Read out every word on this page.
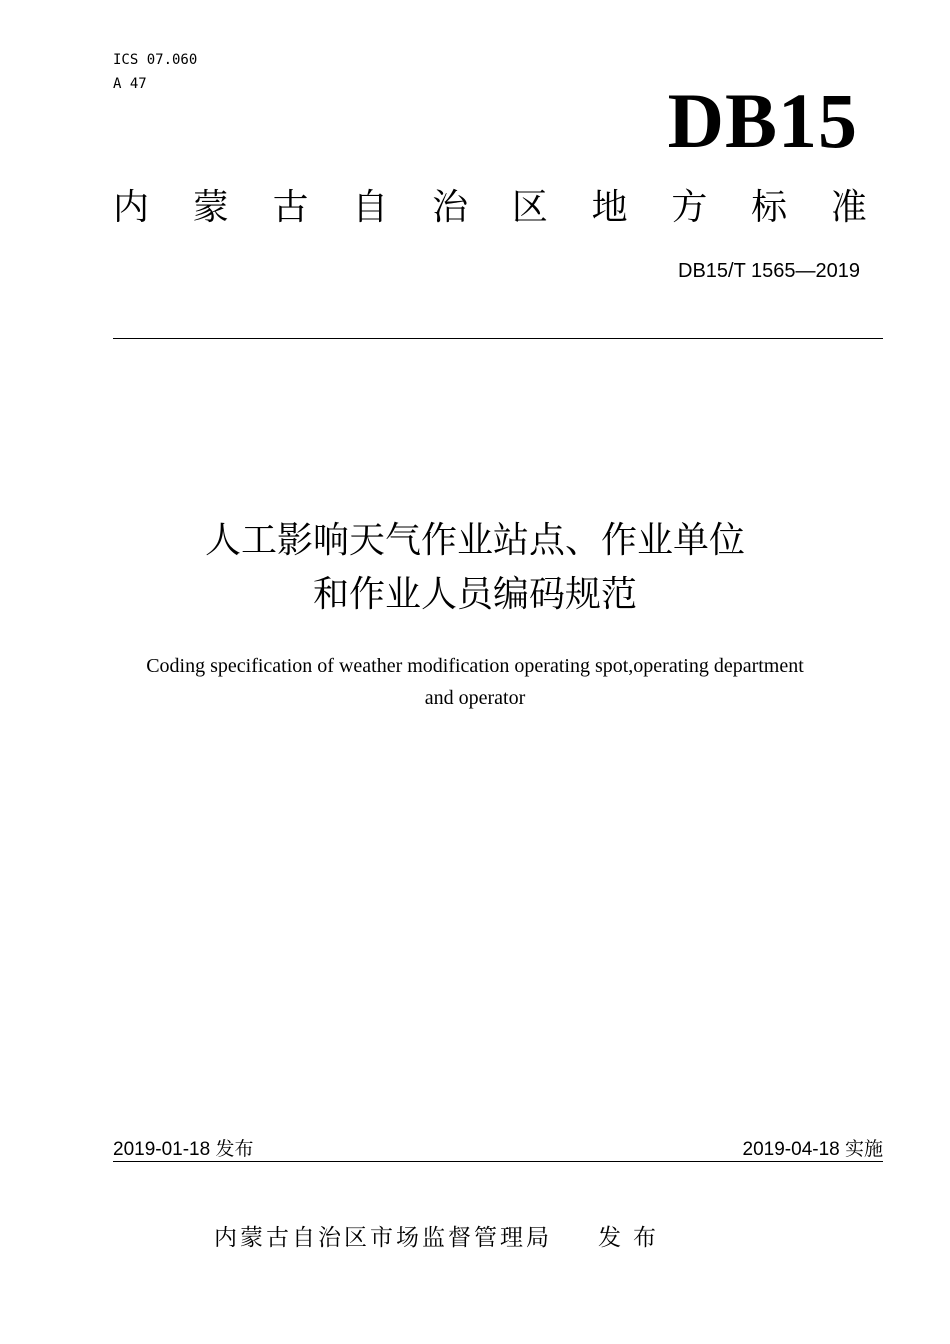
ICS 07.060
A 47	DB15
内 蒙 古 自 治 区 地 方 标 准
DB15/T 1565—2019
人工影响天气作业站点、作业单位
和作业人员编码规范
Coding specification of weather modification operating spot,operating department
and operator
2019-01-18 发布	2019-04-18 实施
内蒙古自治区市场监督管理局 发布
